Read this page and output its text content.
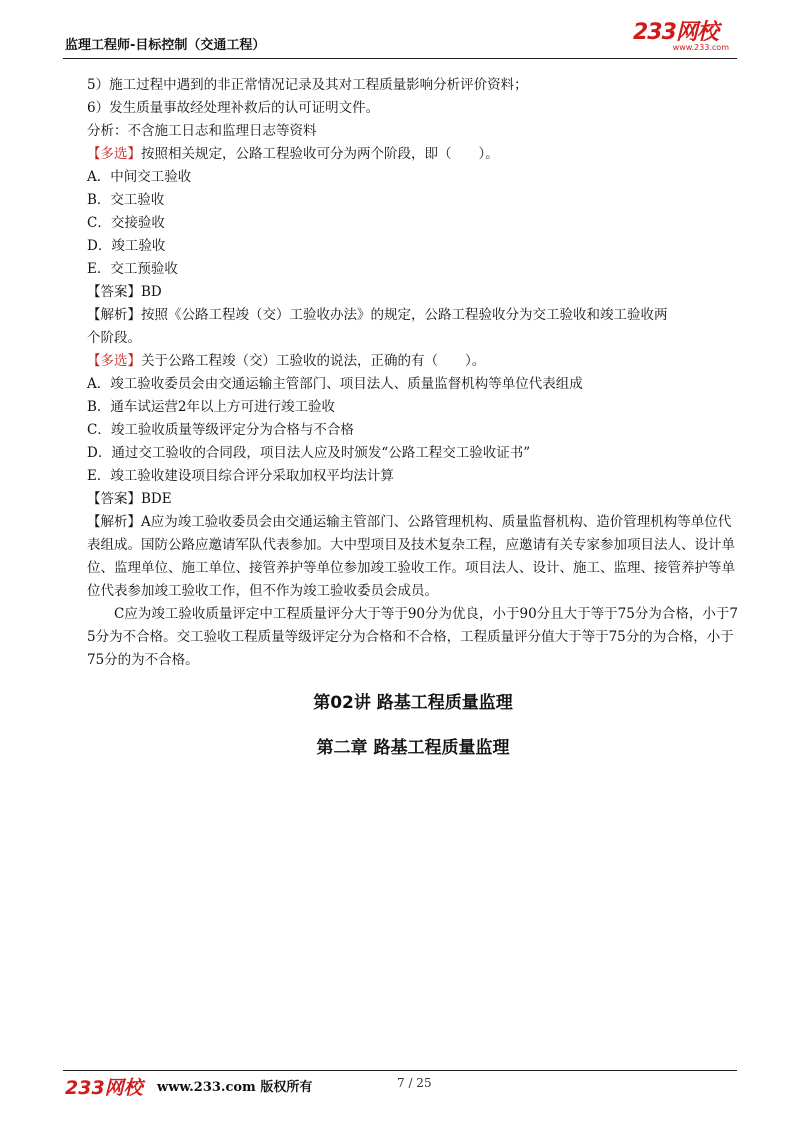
监理工程师-目标控制（交通工程）
233网校
www.233.com
5）施工过程中遇到的非正常情况记录及其对工程质量影响分析评价资料；
6）发生质量事故经处理补救后的认可证明文件。
分析：不含施工日志和监理日志等资料
【多选】按照相关规定，公路工程验收可分为两个阶段，即（　　）。
A．中间交工验收
B．交工验收
C．交接验收
D．竣工验收
E．交工预验收
【答案】BD
【解析】按照《公路工程竣（交）工验收办法》的规定，公路工程验收分为交工验收和竣工验收两
个阶段。
【多选】关于公路工程竣（交）工验收的说法，正确的有（　　）。
A．竣工验收委员会由交通运输主管部门、项目法人、质量监督机构等单位代表组成
B．通车试运营2年以上方可进行竣工验收
C．竣工验收质量等级评定分为合格与不合格
D．通过交工验收的合同段，项目法人应及时颁发“公路工程交工验收证书”
E．竣工验收建设项目综合评分采取加权平均法计算
【答案】BDE
【解析】A应为竣工验收委员会由交通运输主管部门、公路管理机构、质量监督机构、造价管理机构等单位代表组成。国防公路应邀请军队代表参加。大中型项目及技术复杂工程，应邀请有关专家参加项目法人、设计单位、监理单位、施工单位、接管养护等单位参加竣工验收工作。项目法人、设计、施工、监理、接管养护等单位代表参加竣工验收工作，但不作为竣工验收委员会成员。
C应为竣工验收质量评定中工程质量评分大于等于90分为优良，小于90分且大于等于75分为合格，小于75分为不合格。交工验收工程质量等级评定分为合格和不合格，工程质量评分值大于等于75分的为合格，小于75分的为不合格。
第02讲 路基工程质量监理
第二章 路基工程质量监理
233网校 www.233.com 版权所有	7 / 25
